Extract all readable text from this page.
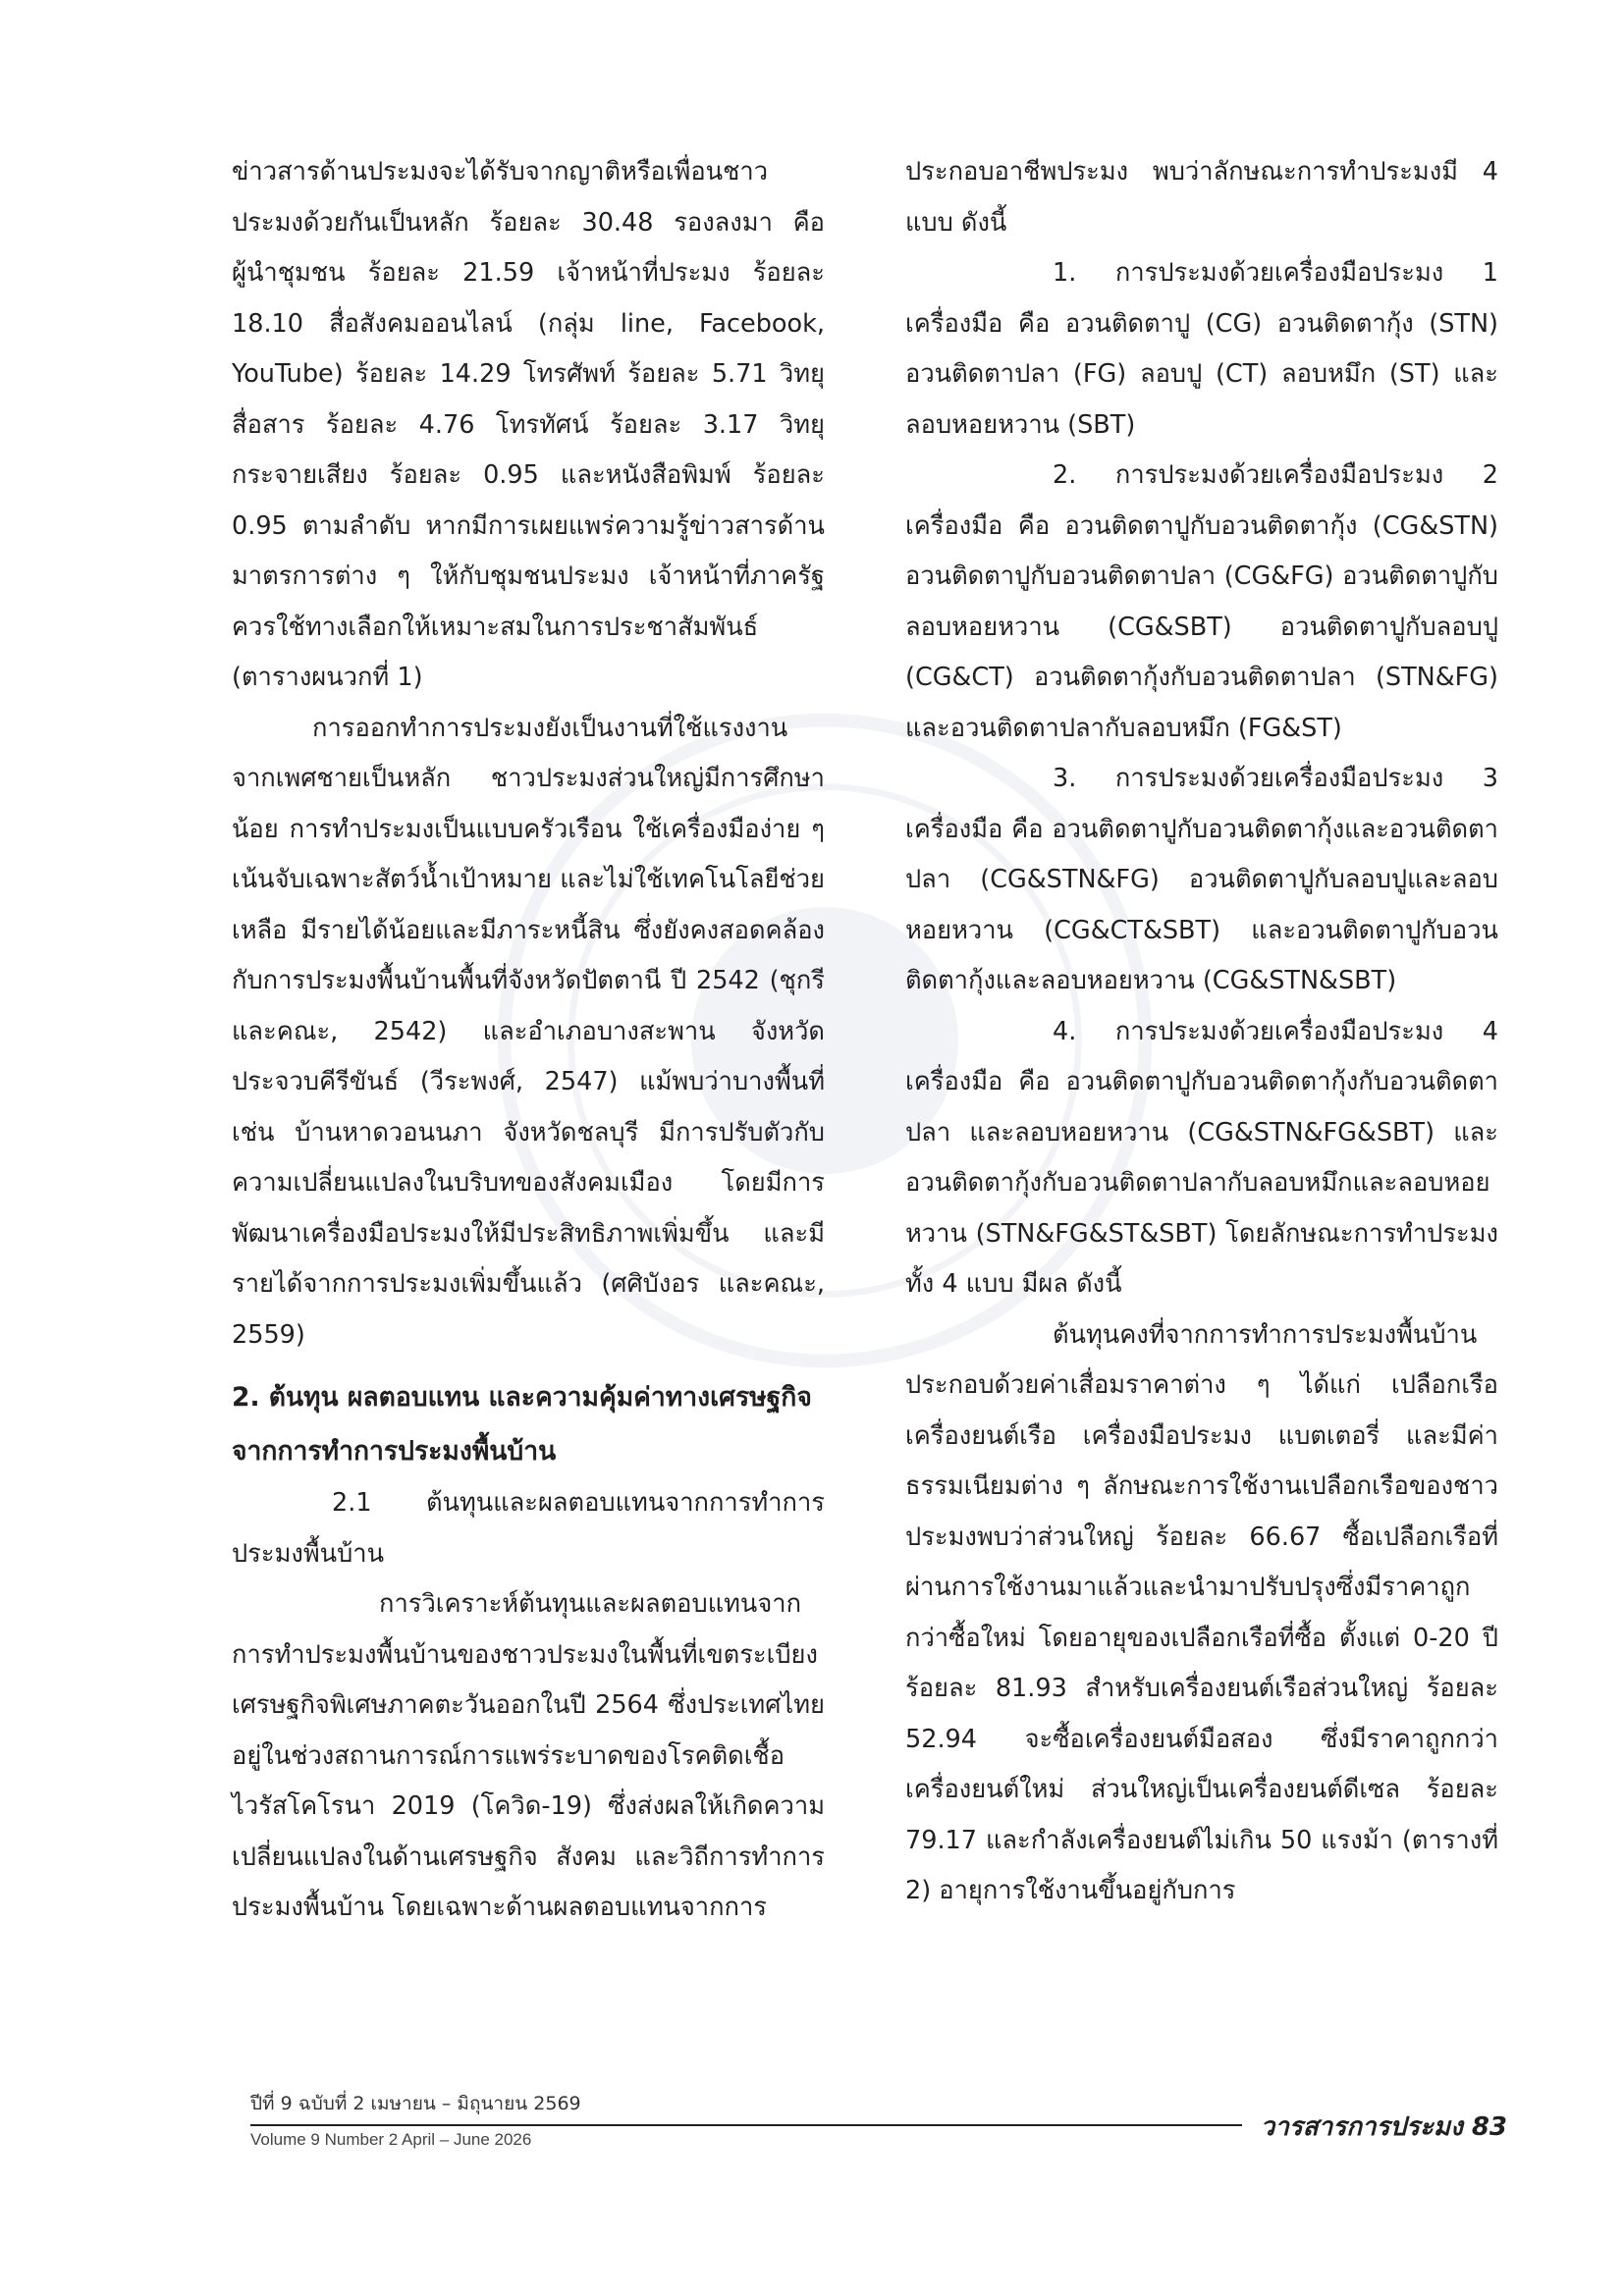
ข่าวสารด้านประมงจะได้รับจากญาติหรือเพื่อนชาวประมงด้วยกันเป็นหลัก ร้อยละ 30.48 รองลงมา คือ ผู้นำชุมชน ร้อยละ 21.59 เจ้าหน้าที่ประมง ร้อยละ 18.10 สื่อสังคมออนไลน์ (กลุ่ม line, Facebook, YouTube) ร้อยละ 14.29 โทรศัพท์ ร้อยละ 5.71 วิทยุสื่อสาร ร้อยละ 4.76 โทรทัศน์ ร้อยละ 3.17 วิทยุกระจายเสียง ร้อยละ 0.95 และหนังสือพิมพ์ ร้อยละ 0.95 ตามลำดับ หากมีการเผยแพร่ความรู้ข่าวสารด้านมาตรการต่าง ๆ ให้กับชุมชนประมง เจ้าหน้าที่ภาครัฐควรใช้ทางเลือกให้เหมาะสมในการประชาสัมพันธ์ (ตารางผนวกที่ 1)

การออกทำการประมงยังเป็นงานที่ใช้แรงงานจากเพศชายเป็นหลัก ชาวประมงส่วนใหญ่มีการศึกษาน้อย การทำประมงเป็นแบบครัวเรือน ใช้เครื่องมือง่าย ๆ เน้นจับเฉพาะสัตว์น้ำเป้าหมาย และไม่ใช้เทคโนโลยีช่วยเหลือ มีรายได้น้อยและมีภาระหนี้สิน ซึ่งยังคงสอดคล้องกับการประมงพื้นบ้านพื้นที่จังหวัดปัตตานี ปี 2542 (ชุกรี และคณะ, 2542) และอำเภอบางสะพาน จังหวัดประจวบคีรีขันธ์ (วีระพงศ์, 2547) แม้พบว่าบางพื้นที่ เช่น บ้านหาดวอนนภา จังหวัดชลบุรี มีการปรับตัวกับความเปลี่ยนแปลงในบริบทของสังคมเมือง โดยมีการพัฒนาเครื่องมือประมงให้มีประสิทธิภาพเพิ่มขึ้น และมีรายได้จากการประมงเพิ่มขึ้นแล้ว (ศศิบังอร และคณะ, 2559)

2. ต้นทุน ผลตอบแทน และความคุ้มค่าทางเศรษฐกิจจากการทำการประมงพื้นบ้าน

2.1 ต้นทุนและผลตอบแทนจากการทำการประมงพื้นบ้าน

การวิเคราะห์ต้นทุนและผลตอบแทนจากการทำประมงพื้นบ้านของชาวประมงในพื้นที่เขตระเบียงเศรษฐกิจพิเศษภาคตะวันออกในปี 2564 ซึ่งประเทศไทยอยู่ในช่วงสถานการณ์การแพร่ระบาดของโรคติดเชื้อไวรัสโคโรนา 2019 (โควิด-19) ซึ่งส่งผลให้เกิดความเปลี่ยนแปลงในด้านเศรษฐกิจ สังคม และวิถีการทำการประมงพื้นบ้าน โดยเฉพาะด้านผลตอบแทนจากการ

ประกอบอาชีพประมง พบว่าลักษณะการทำประมงมี 4 แบบ ดังนี้

1. การประมงด้วยเครื่องมือประมง 1 เครื่องมือ คือ อวนติดตาปู (CG) อวนติดตากุ้ง (STN) อวนติดตาปลา (FG) ลอบปู (CT) ลอบหมึก (ST) และลอบหอยหวาน (SBT)

2. การประมงด้วยเครื่องมือประมง 2 เครื่องมือ คือ อวนติดตาปูกับอวนติดตากุ้ง (CG&STN) อวนติดตาปูกับอวนติดตาปลา (CG&FG) อวนติดตาปูกับลอบหอยหวาน (CG&SBT) อวนติดตาปูกับลอบปู (CG&CT) อวนติดตากุ้งกับอวนติดตาปลา (STN&FG) และอวนติดตาปลากับลอบหมึก (FG&ST)

3. การประมงด้วยเครื่องมือประมง 3 เครื่องมือ คือ อวนติดตาปูกับอวนติดตากุ้งและอวนติดตาปลา (CG&STN&FG) อวนติดตาปูกับลอบปูและลอบหอยหวาน (CG&CT&SBT) และอวนติดตาปูกับอวนติดตากุ้งและลอบหอยหวาน (CG&STN&SBT)

4. การประมงด้วยเครื่องมือประมง 4 เครื่องมือ คือ อวนติดตาปูกับอวนติดตากุ้งกับอวนติดตาปลา และลอบหอยหวาน (CG&STN&FG&SBT) และ อวนติดตากุ้งกับอวนติดตาปลากับลอบหมึกและลอบหอยหวาน (STN&FG&ST&SBT) โดยลักษณะการทำประมงทั้ง 4 แบบ มีผล ดังนี้

ต้นทุนคงที่จากการทำการประมงพื้นบ้านประกอบด้วยค่าเสื่อมราคาต่าง ๆ ได้แก่ เปลือกเรือ เครื่องยนต์เรือ เครื่องมือประมง แบตเตอรี่ และมีค่าธรรมเนียมต่าง ๆ ลักษณะการใช้งานเปลือกเรือของชาวประมงพบว่าส่วนใหญ่ ร้อยละ 66.67 ซื้อเปลือกเรือที่ผ่านการใช้งานมาแล้วและนำมาปรับปรุงซึ่งมีราคาถูกกว่าซื้อใหม่ โดยอายุของเปลือกเรือที่ซื้อ ตั้งแต่ 0-20 ปี ร้อยละ 81.93 สำหรับเครื่องยนต์เรือส่วนใหญ่ ร้อยละ 52.94 จะซื้อเครื่องยนต์มือสอง ซึ่งมีราคาถูกกว่าเครื่องยนต์ใหม่ ส่วนใหญ่เป็นเครื่องยนต์ดีเซล ร้อยละ 79.17 และกำลังเครื่องยนต์ไม่เกิน 50 แรงม้า (ตารางที่ 2) อายุการใช้งานขึ้นอยู่กับการ

ปีที่ 9 ฉบับที่ 2 เมษายน – มิถุนายน 2569
Volume 9 Number 2 April – June 2026	วารสารการประมง 83
